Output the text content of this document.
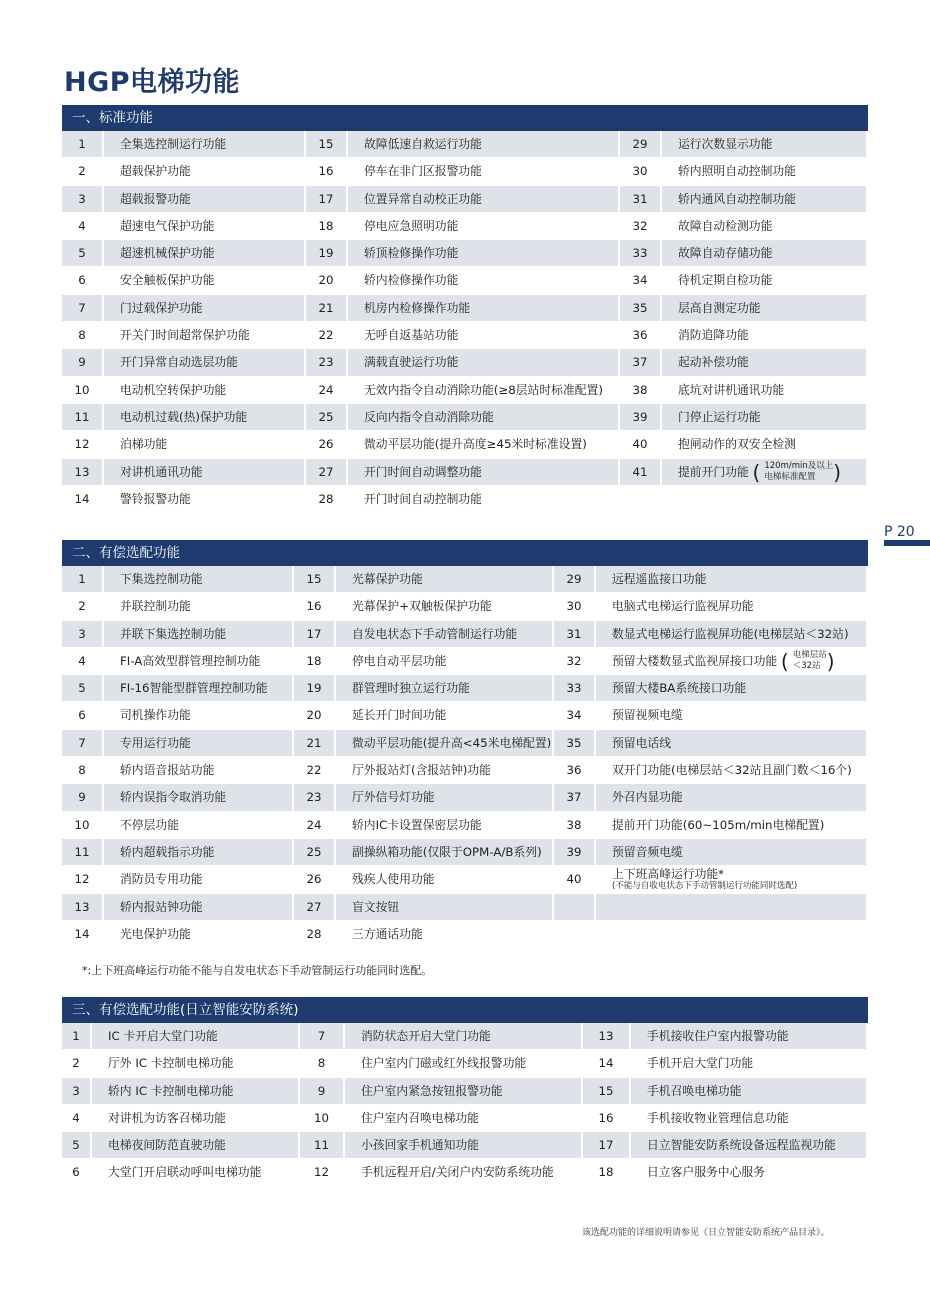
HGP电梯功能
一、标准功能
1	全集选控制运行功能	15	故障低速自救运行功能	29	运行次数显示功能
2	超载保护功能	16	停车在非门区报警功能	30	轿内照明自动控制功能
3	超载报警功能	17	位置异常自动校正功能	31	轿内通风自动控制功能
4	超速电气保护功能	18	停电应急照明功能	32	故障自动检测功能
5	超速机械保护功能	19	轿顶检修操作功能	33	故障自动存储功能
6	安全触板保护功能	20	轿内检修操作功能	34	待机定期自检功能
7	门过载保护功能	21	机房内检修操作功能	35	层高自测定功能
8	开关门时间超常保护功能	22	无呼自返基站功能	36	消防追降功能
9	开门异常自动选层功能	23	满载直驶运行功能	37	起动补偿功能
10	电动机空转保护功能	24	无效内指令自动消除功能(≥8层站时标准配置)	38	底坑对讲机通讯功能
11	电动机过载(热)保护功能	25	反向内指令自动消除功能	39	门停止运行功能
12	泊梯功能	26	微动平层功能(提升高度≥45米时标准设置)	40	抱闸动作的双安全检测
13	对讲机通讯功能	27	开门时间自动调整功能	41	提前开门功能 ( 120m/min及以上
电梯标准配置 )
14	警铃报警功能	28	开门时间自动控制功能
P 20
二、有偿选配功能
1	下集选控制功能	15	光幕保护功能	29	远程遥监接口功能
2	并联控制功能	16	光幕保护+双触板保护功能	30	电脑式电梯运行监视屏功能
3	并联下集选控制功能	17	自发电状态下手动管制运行功能	31	数显式电梯运行监视屏功能(电梯层站＜32站)
4	FI-A高效型群管理控制功能	18	停电自动平层功能	32	预留大楼数显式监视屏接口功能 ( 电梯层站
＜32站 )
5	FI-16智能型群管理控制功能	19	群管理时独立运行功能	33	预留大楼BA系统接口功能
6	司机操作功能	20	延长开门时间功能	34	预留视频电缆
7	专用运行功能	21	微动平层功能(提升高<45米电梯配置)	35	预留电话线
8	轿内语音报站功能	22	厅外报站灯(含报站钟)功能	36	双开门功能(电梯层站＜32站且副门数＜16个)
9	轿内误指令取消功能	23	厅外信号灯功能	37	外召内显功能
10	不停层功能	24	轿内IC卡设置保密层功能	38	提前开门功能(60~105m/min电梯配置)
11	轿内超载指示功能	25	副操纵箱功能(仅限于OPM-A/B系列)	39	预留音频电缆
12	消防员专用功能	26	残疾人使用功能	40	上下班高峰运行功能*
(不能与自收电状态下手动管制运行功能同时选配)
13	轿内报站钟功能	27	盲文按钮
14	光电保护功能	28	三方通话功能
*:上下班高峰运行功能不能与自发电状态下手动管制运行功能同时选配。
三、有偿选配功能(日立智能安防系统)
1	IC 卡开启大堂门功能	7	消防状态开启大堂门功能	13	手机接收住户室内报警功能
2	厅外 IC 卡控制电梯功能	8	住户室内门磁或红外线报警功能	14	手机开启大堂门功能
3	轿内 IC 卡控制电梯功能	9	住户室内紧急按钮报警功能	15	手机召唤电梯功能
4	对讲机为访客召梯功能	10	住户室内召唤电梯功能	16	手机接收物业管理信息功能
5	电梯夜间防范直驶功能	11	小孩回家手机通知功能	17	日立智能安防系统设备远程监视功能
6	大堂门开启联动呼叫电梯功能	12	手机远程开启/关闭户内安防系统功能	18	日立客户服务中心服务
该选配功能的详细说明请参见《日立智能安防系统产品目录》。
